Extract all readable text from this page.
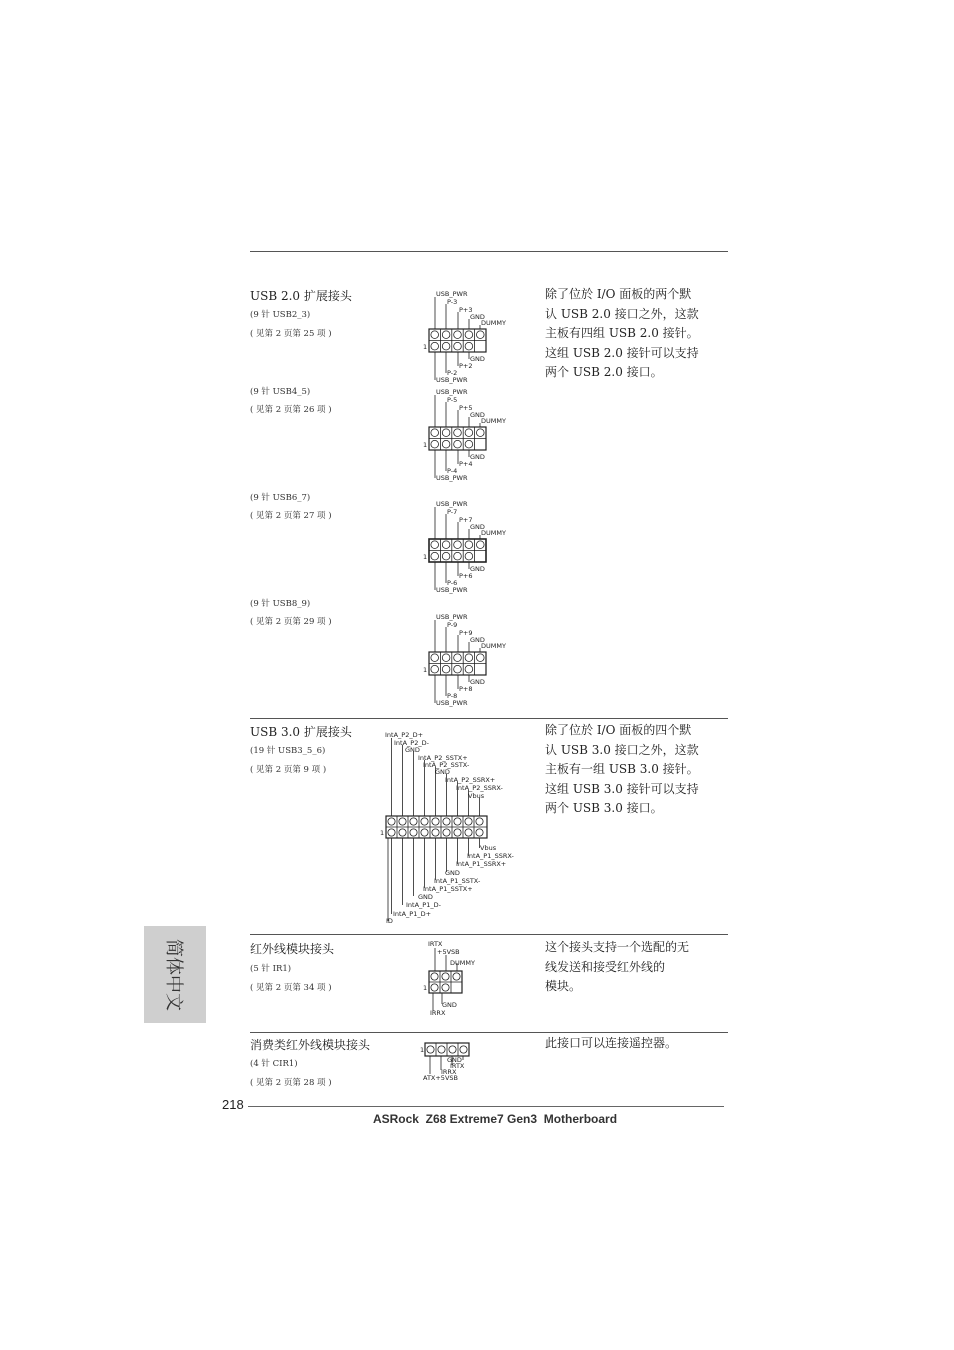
USB 2.0 扩展接头
(9 针 USB2_3)
( 见第 2 页第 25 项 )
(9 针 USB4_5)
( 见第 2 页第 26 项 )
(9 针 USB6_7)
( 见第 2 页第 27 项 )
(9 针 USB8_9)
( 见第 2 页第 29 项 )
除了位於 I/O 面板的两个默
认 USB 2.0 接口之外，这款
主板有四组 USB 2.0 接针。
这组 USB 2.0 接针可以支持
两个 USB 2.0 接口。
USB_PWR
P-3
P+3
GND
DUMMY
1
GND
P+2
P-2
USB_PWR
USB_PWR
P-5
P+5
GND
DUMMY
1
GND
P+4
P-4
USB_PWR
USB_PWR
P-7
P+7
GND
DUMMY
1
GND
P+6
P-6
USB_PWR
USB_PWR
P-9
P+9
GND
DUMMY
1
GND
P+8
P-8
USB_PWR
USB 3.0 扩展接头
(19 针 USB3_5_6)
( 见第 2 页第 9 项 )
除了位於 I/O 面板的四个默
认 USB 3.0 接口之外，这款
主板有一组 USB 3.0 接针。
这组 USB 3.0 接针可以支持
两个 USB 3.0 接口。
IntA_P2_D+
IntA_P2_D-
GND
IntA_P2_SSTX+
IntA_P2_SSTX-
GND
IntA_P2_SSRX+
IntA_P2_SSRX-
Vbus
1
Vbus
IntA_P1_SSRX-
IntA_P1_SSRX+
GND
IntA_P1_SSTX-
IntA_P1_SSTX+
GND
IntA_P1_D-
IntA_P1_D+
ID
红外线模块接头
(5 针 IR1)
( 见第 2 页第 34 项 )
这个接头支持一个选配的无
线发送和接受红外线的
模块。
IRTX
+5VSB
DUMMY
1
GND
IRRX
消费类红外线模块接头
(4 针 CIR1)
( 见第 2 页第 28 项 )
此接口可以连接遥控器。
1
GND
IRTX
IRRX
ATX+5VSB
简体中文
218
ASRock  Z68 Extreme7 Gen3  Motherboard
